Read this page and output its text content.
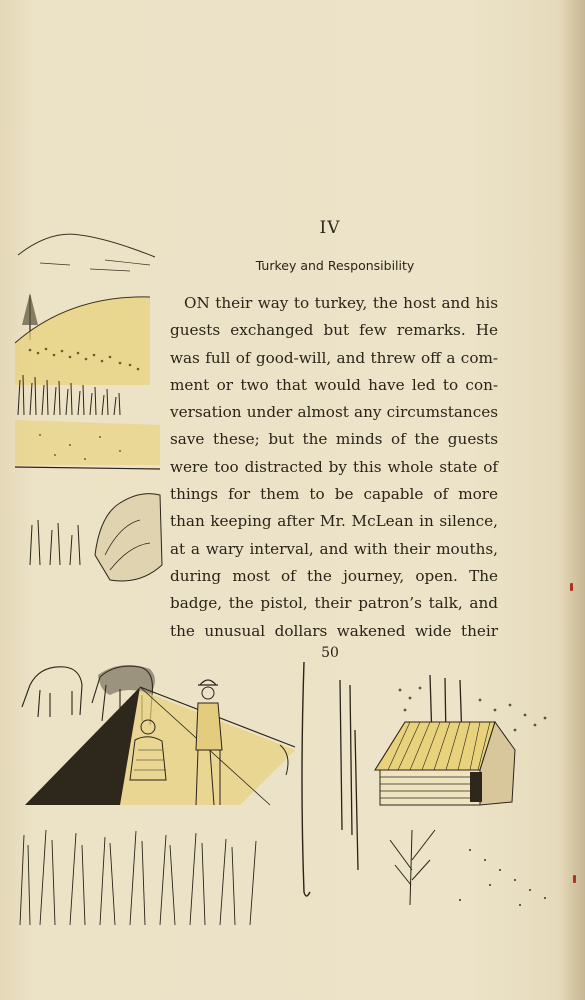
IV
Turkey and Responsibility
ON their way to turkey, the host and his
guests exchanged but few remarks. He
was full of good-will, and threw off a com-
ment or two that would have led to con-
versation under almost any circumstances
save these; but the minds of the guests
were too distracted by this whole state of
things for them to be capable of more
than keeping after Mr. McLean in silence,
at a wary interval, and with their mouths,
during most of the journey, open. The
badge, the pistol, their patron’s talk, and
the unusual dollars wakened wide their
50
